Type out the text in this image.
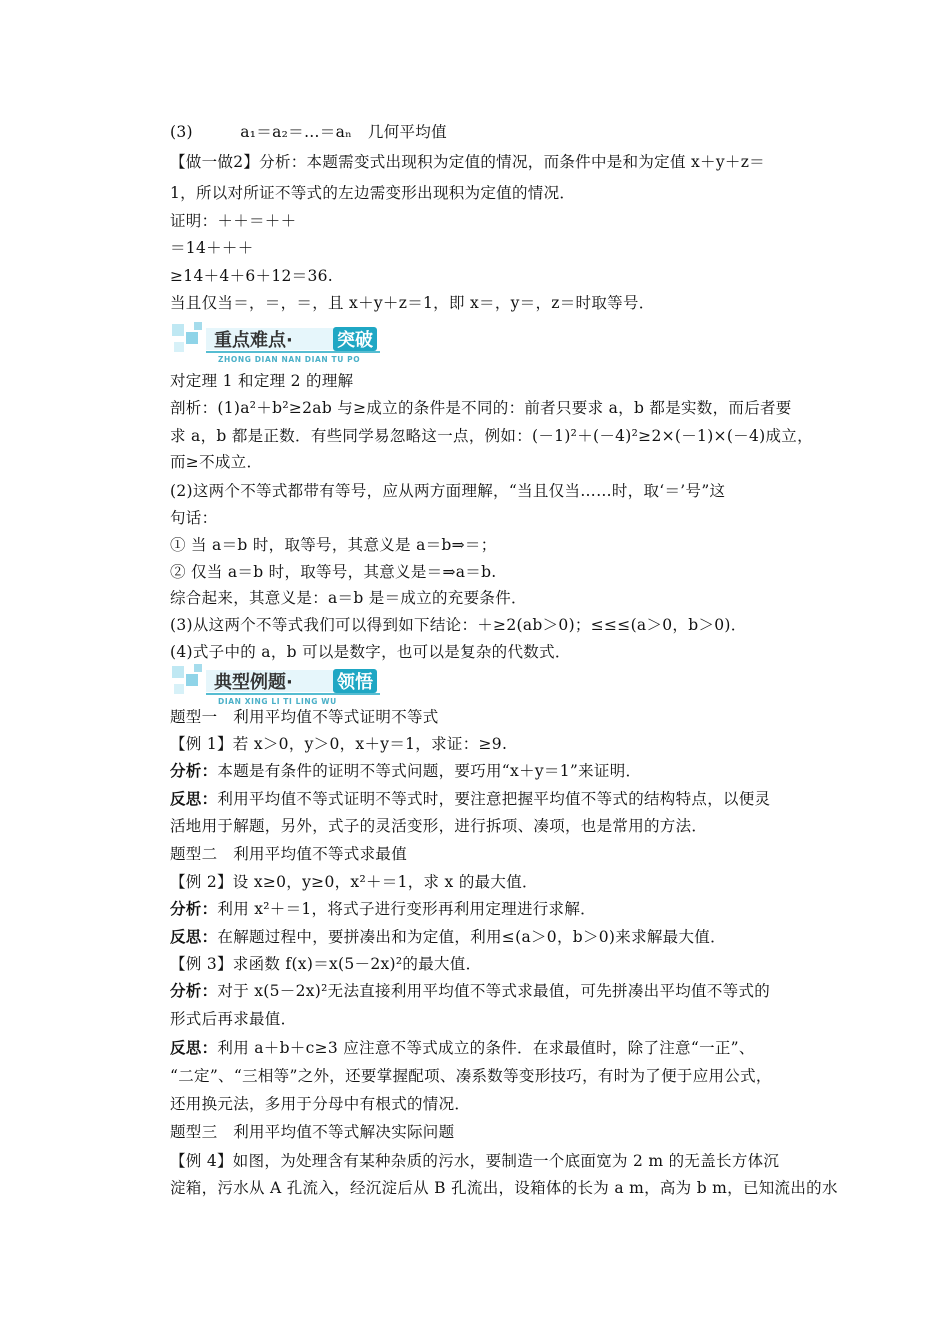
(3)　　　a₁＝a₂＝…＝aₙ　几何平均值
【做一做2】分析：本题需变式出现积为定值的情况，而条件中是和为定值 x＋y＋z＝
1，所以对所证不等式的左边需变形出现积为定值的情况．
证明：＋＋＝＋＋
＝14＋＋＋
≥14＋4＋6＋12＝36.
当且仅当＝，＝，＝，且 x＋y＋z＝1，即 x＝，y＝，z＝时取等号．
重点难点· 突破
ZHONG DIAN NAN DIAN TU PO
对定理 1 和定理 2 的理解
剖析：(1)a²＋b²≥2ab 与≥成立的条件是不同的：前者只要求 a，b 都是实数，而后者要
求 a，b 都是正数．有些同学易忽略这一点，例如：(－1)²＋(－4)²≥2×(－1)×(－4)成立，
而≥不成立．
(2)这两个不等式都带有等号，应从两方面理解，“当且仅当……时，取‘＝’号”这
句话：
① 当 a＝b 时，取等号，其意义是 a＝b⇒＝；
② 仅当 a＝b 时，取等号，其意义是＝⇒a＝b.
综合起来，其意义是：a＝b 是＝成立的充要条件．
(3)从这两个不等式我们可以得到如下结论：＋≥2(ab＞0)；≤≤≤(a＞0，b＞0)．
(4)式子中的 a，b 可以是数字，也可以是复杂的代数式．
典型例题· 领悟
DIAN XING LI TI LING WU
题型一　利用平均值不等式证明不等式
【例 1】若 x＞0，y＞0，x＋y＝1，求证：≥9.
分析：本题是有条件的证明不等式问题，要巧用“x＋y＝1”来证明．
反思：利用平均值不等式证明不等式时，要注意把握平均值不等式的结构特点，以便灵
活地用于解题，另外，式子的灵活变形，进行拆项、凑项，也是常用的方法．
题型二　利用平均值不等式求最值
【例 2】设 x≥0，y≥0，x²＋＝1，求 x 的最大值．
分析：利用 x²＋＝1，将式子进行变形再利用定理进行求解．
反思：在解题过程中，要拼凑出和为定值，利用≤(a＞0，b＞0)来求解最大值．
【例 3】求函数 f(x)＝x(5－2x)²的最大值．
分析：对于 x(5－2x)²无法直接利用平均值不等式求最值，可先拼凑出平均值不等式的
形式后再求最值．
反思：利用 a＋b＋c≥3 应注意不等式成立的条件．在求最值时，除了注意“一正”、
“二定”、“三相等”之外，还要掌握配项、凑系数等变形技巧，有时为了便于应用公式，
还用换元法，多用于分母中有根式的情况．
题型三　利用平均值不等式解决实际问题
【例 4】如图，为处理含有某种杂质的污水，要制造一个底面宽为 2 m 的无盖长方体沉
淀箱，污水从 A 孔流入，经沉淀后从 B 孔流出，设箱体的长为 a m，高为 b m，已知流出的水
